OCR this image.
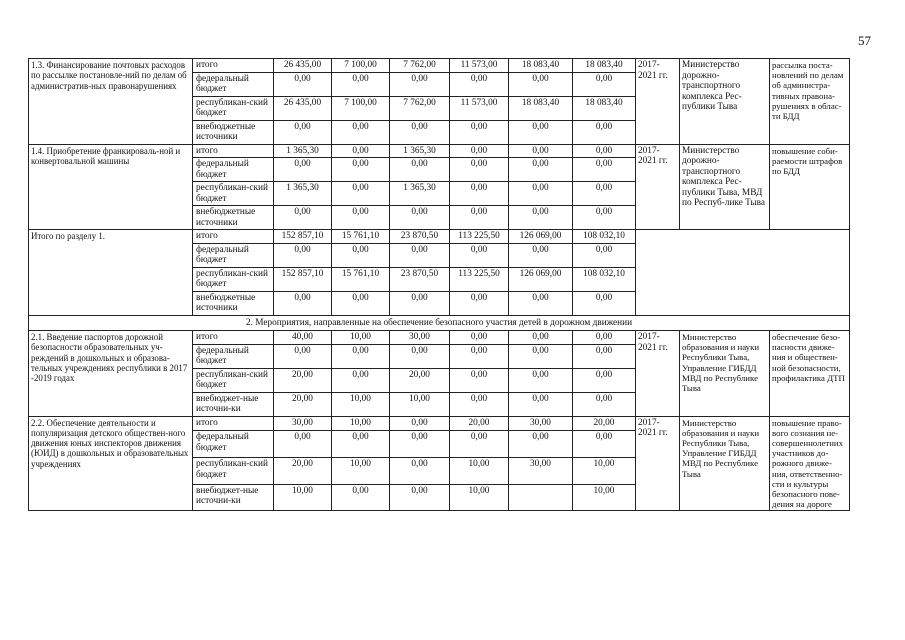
57
1.3. Финансирование почтовых расходов по рассылке постановле-ний по делам об административ-ных правонарушениях	итого	26 435,00	7 100,00	7 762,00	11 573,00	18 083,40	18 083,40	2017-2021 гг.	Министерство дорожно-транспортного комплекса Рес-публики Тыва	рассылка поста-новлений по делам об администра-тивных правона-рушениях в облас-ти БДД
	федеральный бюджет	0,00	0,00	0,00	0,00	0,00	0,00			
	республикан-ский бюджет	26 435,00	7 100,00	7 762,00	11 573,00	18 083,40	18 083,40			
	внебюджетные источники	0,00	0,00	0,00	0,00	0,00	0,00			
1.4. Приобретение франкироваль-ной и конвертовальной машины	итого	1 365,30	0,00	1 365,30	0,00	0,00	0,00	2017-2021 гг.	Министерство дорожно-транспортного комплекса Рес-публики Тыва, МВД по Респуб-лике Тыва	повышение соби-раемости штрафов по БДД
	федеральный бюджет	0,00	0,00	0,00	0,00	0,00	0,00			
	республикан-ский бюджет	1 365,30	0,00	1 365,30	0,00	0,00	0,00			
	внебюджетные источники	0,00	0,00	0,00	0,00	0,00	0,00			
Итого по разделу 1.	итого	152 857,10	15 761,10	23 870,50	113 225,50	126 069,00	108 032,10			
	федеральный бюджет	0,00	0,00	0,00	0,00	0,00	0,00			
	республикан-ский бюджет	152 857,10	15 761,10	23 870,50	113 225,50	126 069,00	108 032,10			
	внебюджетные источники	0,00	0,00	0,00	0,00	0,00	0,00			
2. Мероприятия, направленные на обеспечение безопасного участия детей в дорожном движении										
2.1. Введение паспортов дорожной безопасности образовательных уч-реждений в дошкольных и образова-тельных учреждениях республики в 2017 -2019 годах	итого	40,00	10,00	30,00	0,00	0,00	0,00	2017-2021 гг.	Министерство образования и науки Республики Тыва, Управление ГИБДД МВД по Республике Тыва	обеспечение безо-пасности движе-ния и обществен-ной безопасности, профилактика ДТП
	федеральный бюджет	0,00	0,00	0,00	0,00	0,00	0,00			
	республикан-ский бюджет	20,00	0,00	20,00	0,00	0,00	0,00			
	внебюджет-ные источни-ки	20,00	10,00	10,00	0,00	0,00	0,00			
2.2. Обеспечение деятельности и популяризация детского обществен-ного движения юных инспекторов движения (ЮИД) в дошкольных и образовательных учреждениях	итого	30,00	10,00	0,00	20,00	30,00	20,00	2017-2021 гг.	Министерство образования и науки Республики Тыва, Управление ГИБДД МВД по Республике Тыва	повышение право-вого сознания не-совершеннолетних участников до-рожного движе-ния, ответственно-сти и культуры безопасного пове-дения на дороге
	федеральный бюджет	0,00	0,00	0,00	0,00	0,00	0,00			
	республикан-ский бюджет	20,00	10,00	0,00	10,00	30,00	10,00			
	внебюджет-ные источни-ки	10,00	0,00	0,00	10,00		10,00			
